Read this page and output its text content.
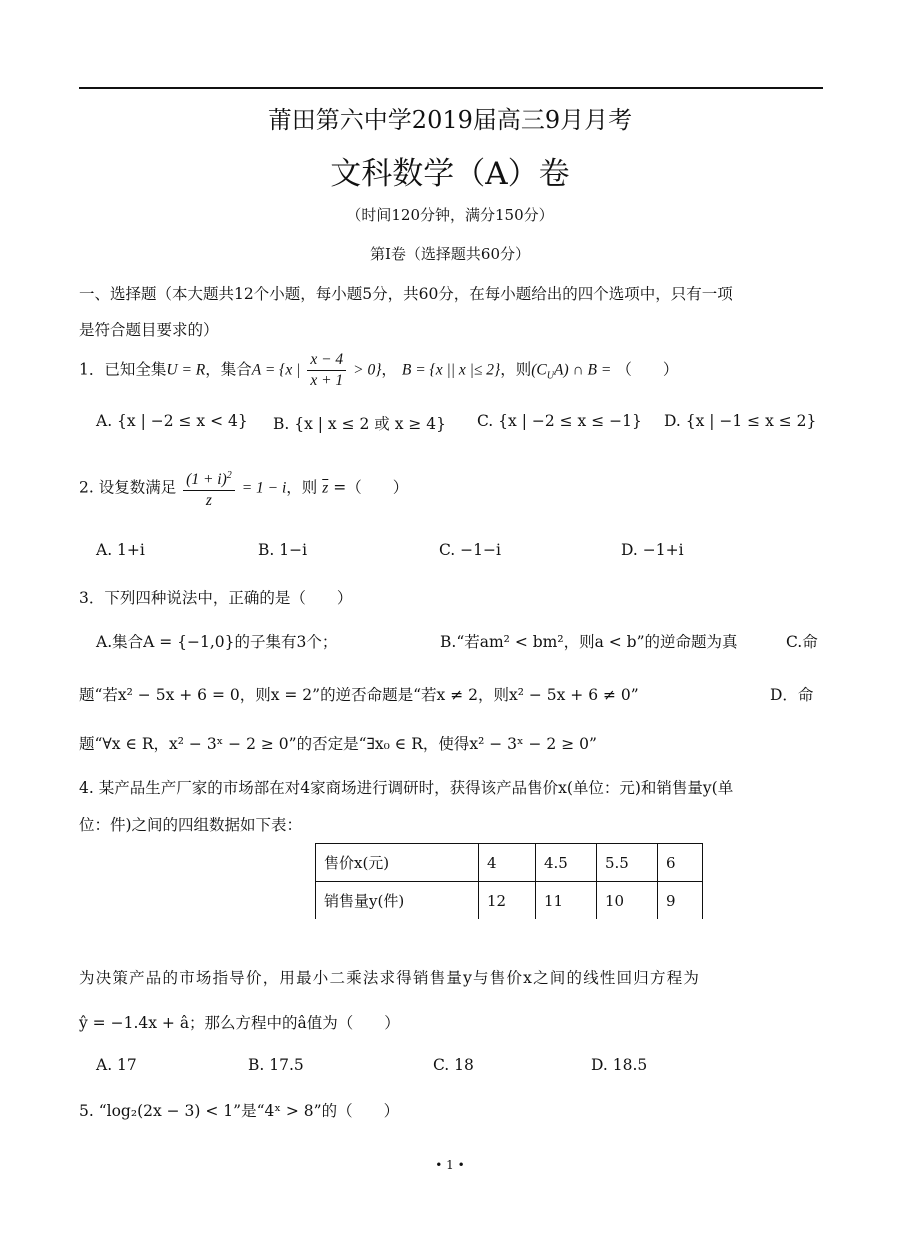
莆田第六中学2019届高三9月月考
文科数学（A）卷
（时间120分钟，满分150分）
第Ⅰ卷（选择题共60分）
一、选择题（本大题共12个小题，每小题5分，共60分，在每小题给出的四个选项中，只有一项
是符合题目要求的）
1．已知全集U = R，集合A = {x | $\frac{x - 4}{x + 1} > 0$}， B = {x || x |≤ 2}，则$(C_UA)$ ∩ B = （　　）
A. {x | −2 ≤ x < 4} B. {x | x ≤ 2 或 x ≥ 4} C. {x | −2 ≤ x ≤ −1} D. {x | −1 ≤ x ≤ 2}
2. 设复数满足 $\frac{(1 + i)^2}{z} = 1 - i$，则 $\overline{z}$ =（　　）
A. 1+i	B. 1−i	C. −1−i	D. −1+i
3．下列四种说法中，正确的是（　　）
A.集合A = {−1,0}的子集有3个；	B.“若am² < bm²，则a < b”的逆命题为真	C.命
题“若x² − 5x + 6 = 0，则x = 2”的逆否命题是“若x ≠ 2，则x² − 5x + 6 ≠ 0”	D．命
题“∀x ∈ R，x² − 3ˣ − 2 ≥ 0”的否定是“∃x₀ ∈ R，使得x² − 3ˣ − 2 ≥ 0”
4. 某产品生产厂家的市场部在对4家商场进行调研时，获得该产品售价x(单位：元)和销售量y(单
位：件)之间的四组数据如下表：
售价x(元)	4	4.5	5.5	6
销售量y(件)	12	11	10	9
为决策产品的市场指导价，用最小二乘法求得销售量y与售价x之间的线性回归方程为
ŷ = −1.4x + â；那么方程中的â值为（　　）
A. 17	B. 17.5	C. 18	D. 18.5
5. “log₂(2x − 3) < 1”是“4ˣ > 8”的（　　）
• 1 •
